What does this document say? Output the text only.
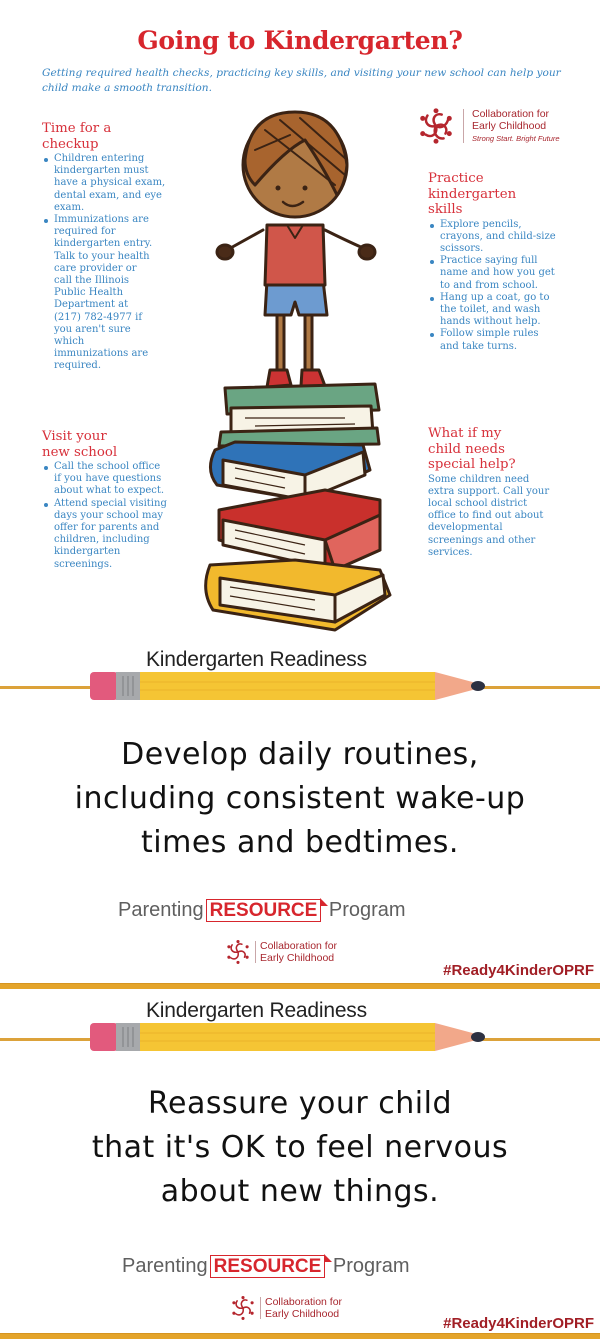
Going to Kindergarten?

Getting required health checks, practicing key skills, and visiting your new school can help your child make a smooth transition.

Time for a
checkup
Children entering kindergarten must have a physical exam, dental exam, and eye exam.
Immunizations are required for kindergarten entry. Talk to your health care provider or call the Illinois Public Health Department at (217) 782-4977 if you aren't sure which immunizations are required.
Visit your
new school
Call the school office if you have questions about what to expect.
Attend special visiting days your school may offer for parents and children, including kindergarten screenings.
Collaboration for
Early Childhood
Strong Start. Bright Future
Practice
kindergarten
skills
Explore pencils, crayons, and child-size scissors.
Practice saying full name and how you get to and from school.
Hang up a coat, go to the toilet, and wash hands without help.
Follow simple rules and take turns.
What if my
child needs
special help?

Some children need extra support. Call your local school district office to find out about developmental screenings and other services.

Kindergarten Readiness
Develop daily routines,
including consistent wake-up
times and bedtimes.
Parenting RESOURCE Program
Collaboration for
Early Childhood
#Ready4KinderOPRF
Kindergarten Readiness
Reassure your child
that it's OK to feel nervous
about new things.
Parenting RESOURCE Program
Collaboration for
Early Childhood
#Ready4KinderOPRF
